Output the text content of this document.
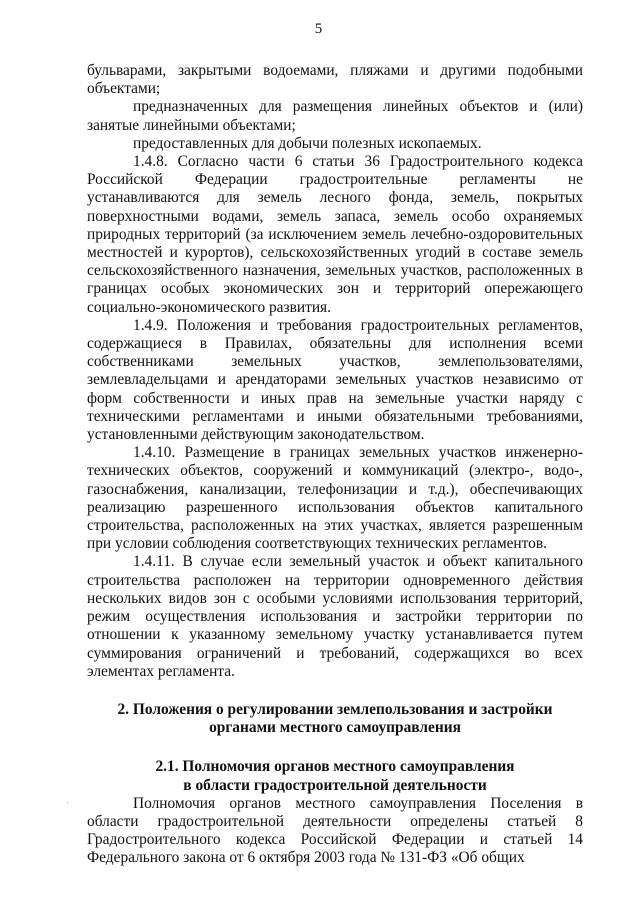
5

бульварами, закрытыми водоемами, пляжами и другими подобными объектами;

предназначенных для размещения линейных объектов и (или) занятые линейными объектами;

предоставленных для добычи полезных ископаемых.

1.4.8. Согласно части 6 статьи 36 Градостроительного кодекса Российской Федерации градостроительные регламенты не устанавливаются для земель лесного фонда, земель, покрытых поверхностными водами, земель запаса, земель особо охраняемых природных территорий (за исключением земель лечебно-оздоровительных местностей и курортов), сельскохозяйственных угодий в составе земель сельскохозяйственного назначения, земельных участков, расположенных в границах особых экономических зон и территорий опережающего социально-экономического развития.

1.4.9. Положения и требования градостроительных регламентов, содержащиеся в Правилах, обязательны для исполнения всеми собственниками земельных участков, землепользователями, землевладельцами и арендаторами земельных участков независимо от форм собственности и иных прав на земельные участки наряду с техническими регламентами и иными обязательными требованиями, установленными действующим законодательством.

1.4.10. Размещение в границах земельных участков инженерно-технических объектов, сооружений и коммуникаций (электро-, водо-, газоснабжения, канализации, телефонизации и т.д.), обеспечивающих реализацию разрешенного использования объектов капитального строительства, расположенных на этих участках, является разрешенным при условии соблюдения соответствующих технических регламентов.

1.4.11. В случае если земельный участок и объект капитального строительства расположен на территории одновременного действия нескольких видов зон с особыми условиями использования территорий, режим осуществления использования и застройки территории по отношении к указанному земельному участку устанавливается путем суммирования ограничений и требований, содержащихся во всех элементах регламента.

2. Положения о регулировании землепользования и застройки
органами местного самоуправления
2.1. Полномочия органов местного самоуправления
в области градостроительной деятельности

Полномочия органов местного самоуправления Поселения в области градостроительной деятельности определены статьей 8 Градостроительного кодекса Российской Федерации и статьей 14 Федерального закона от 6 октября 2003 года № 131-ФЗ «Об общих
